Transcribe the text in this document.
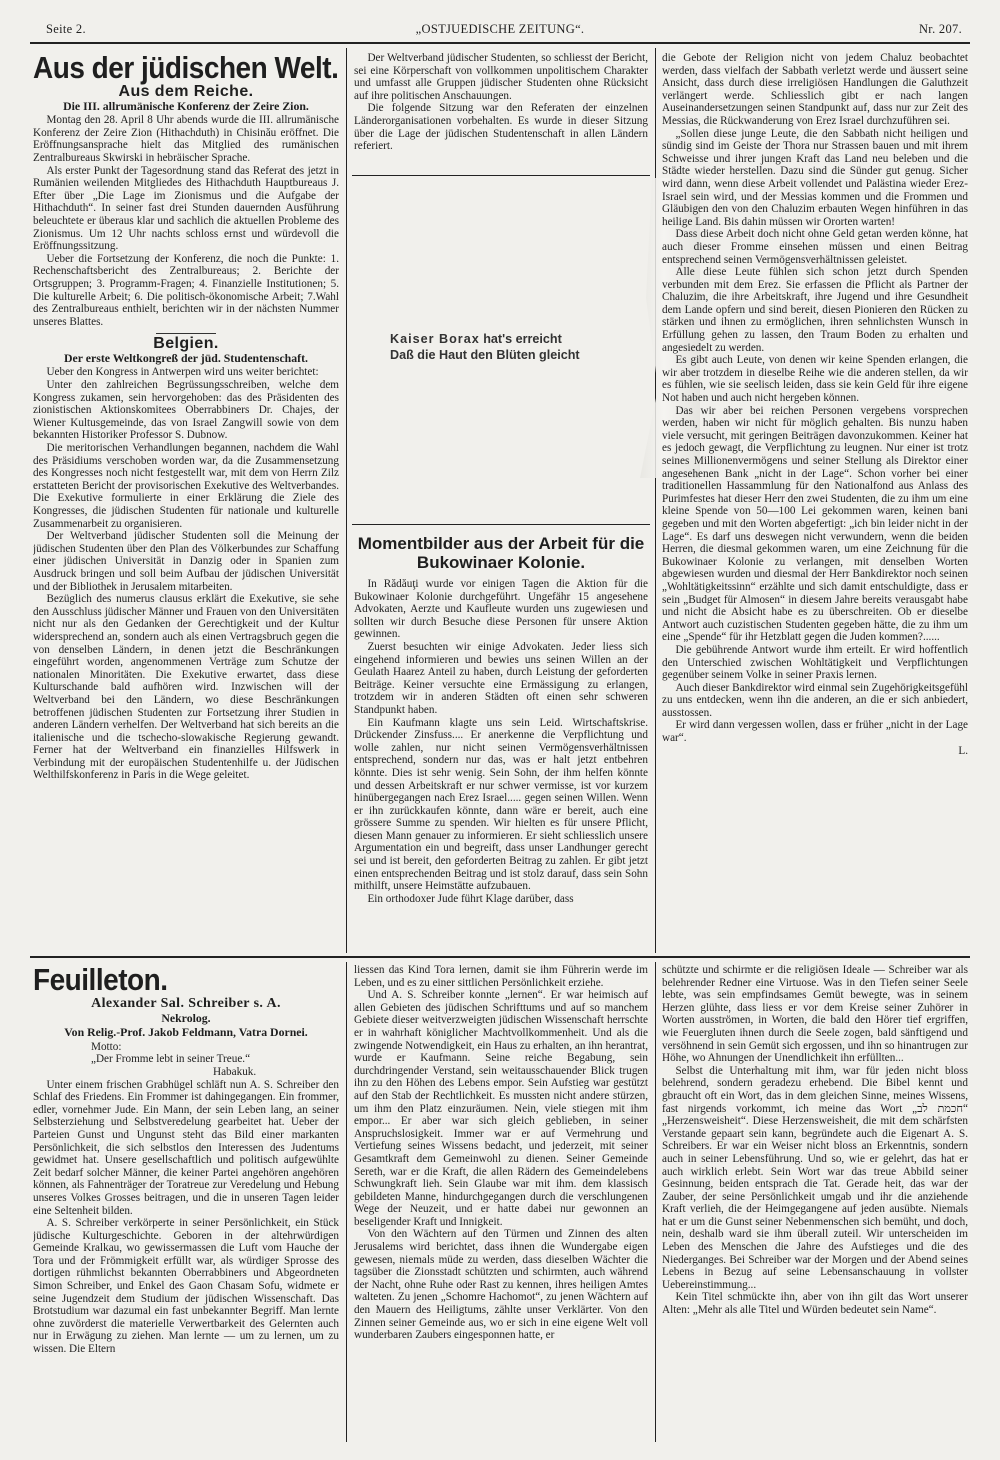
Seite 2.	„OSTJUEDISCHE ZEITUNG“.	Nr. 207.
Aus der jüdischen Welt.
Aus dem Reiche.
Die III. allrumänische Konferenz der Zeire Zion.

Montag den 28. April 8 Uhr abends wurde die III. allrumänische Konferenz der Zeire Zion (Hithachduth) in Chisinău eröffnet. Die Eröffnungsansprache hielt das Mitglied des rumänischen Zentralbureaus Skwirski in hebräischer Sprache.

Als erster Punkt der Tagesordnung stand das Referat des jetzt in Rumänien weilenden Mitgliedes des Hithachduth Hauptbureaus J. Efter über „Die Lage im Zionismus und die Aufgabe der Hithachduth“. In seiner fast drei Stunden dauernden Ausführung beleuchtete er überaus klar und sachlich die aktuellen Probleme des Zionismus. Um 12 Uhr nachts schloss ernst und würdevoll die Eröffnungssitzung.

Ueber die Fortsetzung der Konferenz, die noch die Punkte: 1. Rechenschaftsbericht des Zentralbureaus; 2. Berichte der Ortsgruppen; 3. Programm-Fragen; 4. Finanzielle Institutionen; 5. Die kulturelle Arbeit; 6. Die politisch-ökonomische Arbeit; 7.Wahl des Zentralbureaus enthielt, berichten wir in der nächsten Nummer unseres Blattes.

Belgien.
Der erste Weltkongreß der jüd. Studentenschaft.

Ueber den Kongress in Antwerpen wird uns weiter berichtet:

Unter den zahlreichen Begrüssungsschreiben, welche dem Kongress zukamen, sein hervorgehoben: das des Präsidenten des zionistischen Aktionskomitees Oberrabbiners Dr. Chajes, der Wiener Kultusgemeinde, das von Israel Zangwill sowie von dem bekannten Historiker Professor S. Dubnow.

Die meritorischen Verhandlungen begannen, nachdem die Wahl des Präsidiums verschoben worden war, da die Zusammensetzung des Kongresses noch nicht festgestellt war, mit dem von Herrn Zilz erstatteten Bericht der provisorischen Exekutive des Weltverbandes. Die Exekutive formulierte in einer Erklärung die Ziele des Kongresses, die jüdischen Studenten für nationale und kulturelle Zusammenarbeit zu organisieren.

Der Weltverband jüdischer Studenten soll die Meinung der jüdischen Studenten über den Plan des Völkerbundes zur Schaffung einer jüdischen Universität in Danzig oder in Spanien zum Ausdruck bringen und soll beim Aufbau der jüdischen Universität und der Bibliothek in Jerusalem mitarbeiten.

Bezüglich des numerus clausus erklärt die Exekutive, sie sehe den Ausschluss jüdischer Männer und Frauen von den Universitäten nicht nur als den Gedanken der Gerechtigkeit und der Kultur widersprechend an, sondern auch als einen Vertragsbruch gegen die von denselben Ländern, in denen jetzt die Beschränkungen eingeführt worden, angenommenen Verträge zum Schutze der nationalen Minoritäten. Die Exekutive erwartet, dass diese Kulturschande bald aufhören wird. Inzwischen will der Weltverband bei den Ländern, wo diese Beschränkungen betroffenen jüdischen Studenten zur Fortsetzung ihrer Studien in anderen Ländern verhelfen. Der Weltverband hat sich bereits an die italienische und die tschecho-slowakische Regierung gewandt. Ferner hat der Weltverband ein finanzielles Hilfswerk in Verbindung mit der europäischen Studentenhilfe u. der Jüdischen Welthilfskonferenz in Paris in die Wege geleitet.

Der Weltverband jüdischer Studenten, so schliesst der Bericht, sei eine Körperschaft von vollkommen unpolitischem Charakter und umfasst alle Gruppen jüdischer Studenten ohne Rücksicht auf ihre politischen Anschauungen.

Die folgende Sitzung war den Referaten der einzelnen Länderorganisationen vorbehalten. Es wurde in dieser Sitzung über die Lage der jüdischen Studentenschaft in allen Ländern referiert.

Kaiser Borax hat's erreicht
Daß die Haut den Blüten gleicht
Momentbilder aus der Arbeit für die Bukowinaer Kolonie.

In Rădăuţi wurde vor einigen Tagen die Aktion für die Bukowinaer Kolonie durchgeführt. Ungefähr 15 angesehene Advokaten, Aerzte und Kaufleute wurden uns zugewiesen und sollten wir durch Besuche diese Personen für unsere Aktion gewinnen.

Zuerst besuchten wir einige Advokaten. Jeder liess sich eingehend informieren und bewies uns seinen Willen an der Geulath Haarez Anteil zu haben, durch Leistung der geforderten Beiträge. Keiner versuchte eine Ermässigung zu erlangen, trotzdem wir in anderen Städten oft einen sehr schweren Standpunkt haben.

Ein Kaufmann klagte uns sein Leid. Wirtschaftskrise. Drückender Zinsfuss.... Er anerkenne die Verpflichtung und wolle zahlen, nur nicht seinen Vermögensverhältnissen entsprechend, sondern nur das, was er halt jetzt entbehren könnte. Dies ist sehr wenig. Sein Sohn, der ihm helfen könnte und dessen Arbeitskraft er nur schwer vermisse, ist vor kurzem hinübergegangen nach Erez Israel..... gegen seinen Willen. Wenn er ihn zurückkaufen könnte, dann wäre er bereit, auch eine grössere Summe zu spenden. Wir hielten es für unsere Pflicht, diesen Mann genauer zu informieren. Er sieht schliesslich unsere Argumentation ein und begreift, dass unser Landhunger gerecht sei und ist bereit, den geforderten Beitrag zu zahlen. Er gibt jetzt einen entsprechenden Beitrag und ist stolz darauf, dass sein Sohn mithilft, unsere Heimstätte aufzubauen.

Ein orthodoxer Jude führt Klage darüber, dass

die Gebote der Religion nicht von jedem Chaluz beobachtet werden, dass vielfach der Sabbath verletzt werde und äussert seine Ansicht, dass durch diese irreligiösen Handlungen die Galuthzeit verlängert werde. Schliesslich gibt er nach langen Auseinandersetzungen seinen Standpunkt auf, dass nur zur Zeit des Messias, die Rückwanderung von Erez Israel durchzuführen sei.

„Sollen diese junge Leute, die den Sabbath nicht heiligen und sündig sind im Geiste der Thora nur Strassen bauen und mit ihrem Schweisse und ihrer jungen Kraft das Land neu beleben und die Städte wieder herstellen. Dazu sind die Sünder gut genug. Sicher wird dann, wenn diese Arbeit vollendet und Palästina wieder Erez-Israel sein wird, und der Messias kommen und die Frommen und Gläubigen den von den Chaluzim erbauten Wegen hinführen in das heilige Land. Bis dahin müssen wir Ororten warten!

Dass diese Arbeit doch nicht ohne Geld getan werden könne, hat auch dieser Fromme einsehen müssen und einen Beitrag entsprechend seinen Vermögensverhältnissen geleistet.

Alle diese Leute fühlen sich schon jetzt durch Spenden verbunden mit dem Erez. Sie erfassen die Pflicht als Partner der Chaluzim, die ihre Arbeitskraft, ihre Jugend und ihre Gesundheit dem Lande opfern und sind bereit, diesen Pionieren den Rücken zu stärken und ihnen zu ermöglichen, ihren sehnlichsten Wunsch in Erfüllung gehen zu lassen, den Traum Boden zu erhalten und angesiedelt zu werden.

Es gibt auch Leute, von denen wir keine Spenden erlangen, die wir aber trotzdem in dieselbe Reihe wie die anderen stellen, da wir es fühlen, wie sie seelisch leiden, dass sie kein Geld für ihre eigene Not haben und auch nicht hergeben können.

Das wir aber bei reichen Personen vergebens vorsprechen werden, haben wir nicht für möglich gehalten. Bis nunzu haben viele versucht, mit geringen Beiträgen davonzukommen. Keiner hat es jedoch gewagt, die Verpflichtung zu leugnen. Nur einer ist trotz seines Millionenvermögens und seiner Stellung als Direktor einer angesehenen Bank „nicht in der Lage“. Schon vorher bei einer traditionellen Hassammlung für den Nationalfond aus Anlass des Purimfestes hat dieser Herr den zwei Studenten, die zu ihm um eine kleine Spende von 50—100 Lei gekommen waren, keinen bani gegeben und mit den Worten abgefertigt: „ich bin leider nicht in der Lage“. Es darf uns deswegen nicht verwundern, wenn die beiden Herren, die diesmal gekommen waren, um eine Zeichnung für die Bukowinaer Kolonie zu verlangen, mit denselben Worten abgewiesen wurden und diesmal der Herr Bankdirektor noch seinen „Wohltätigkeitssinn“ erzählte und sich damit entschuldigte, dass er sein „Budget für Almosen“ in diesem Jahre bereits verausgabt habe und nicht die Absicht habe es zu überschreiten. Ob er dieselbe Antwort auch cuzistischen Studenten gegeben hätte, die zu ihm um eine „Spende“ für ihr Hetzblatt gegen die Juden kommen?......

Die gebührende Antwort wurde ihm erteilt. Er wird hoffentlich den Unterschied zwischen Wohltätigkeit und Verpflichtungen gegenüber seinem Volke in seiner Praxis lernen.

Auch dieser Bankdirektor wird einmal sein Zugehörigkeitsgefühl zu uns entdecken, wenn ihn die anderen, an die er sich anbiedert, ausstossen.

Er wird dann vergessen wollen, dass er früher „nicht in der Lage war“.

L.
Feuilleton.
Alexander Sal. Schreiber s. A.
Nekrolog.
Von Relig.-Prof. Jakob Feldmann, Vatra Dornei.
Motto:
„Der Fromme lebt in seiner Treue.“
Habakuk.

Unter einem frischen Grabhügel schläft nun A. S. Schreiber den Schlaf des Friedens. Ein Frommer ist dahingegangen. Ein frommer, edler, vornehmer Jude. Ein Mann, der sein Leben lang, an seiner Selbsterziehung und Selbstveredelung gearbeitet hat. Ueber der Parteien Gunst und Ungunst steht das Bild einer markanten Persönlichkeit, die sich selbstlos den Interessen des Judentums gewidmet hat. Unsere gesellschaftlich und politisch aufgewühlte Zeit bedarf solcher Männer, die keiner Partei angehören angehören können, als Fahnenträger der Toratreue zur Veredelung und Hebung unseres Volkes Grosses beitragen, und die in unseren Tagen leider eine Seltenheit bilden.

A. S. Schreiber verkörperte in seiner Persönlichkeit, ein Stück jüdische Kulturgeschichte. Geboren in der altehrwürdigen Gemeinde Kralkau, wo gewissermassen die Luft vom Hauche der Tora und der Frömmigkeit erfüllt war, als würdiger Sprosse des dortigen rühmlichst bekannten Oberrabbiners und Abgeordneten Simon Schreiber, und Enkel des Gaon Chasam Sofu, widmete er seine Jugendzeit dem Studium der jüdischen Wissenschaft. Das Brotstudium war dazumal ein fast unbekannter Begriff. Man lernte ohne zuvörderst die materielle Verwertbarkeit des Gelernten auch nur in Erwägung zu ziehen. Man lernte — um zu lernen, um zu wissen. Die Eltern

liessen das Kind Tora lernen, damit sie ihm Führerin werde im Leben, und es zu einer sittlichen Persönlichkeit erziehe.

Und A. S. Schreiber konnte „lernen“. Er war heimisch auf allen Gebieten des jüdischen Schrifttums und auf so manchem Gebiete dieser weitverzweigten jüdischen Wissenschaft herrschte er in wahrhaft königlicher Machtvollkommenheit. Und als die zwingende Notwendigkeit, ein Haus zu erhalten, an ihn herantrat, wurde er Kaufmann. Seine reiche Begabung, sein durchdringender Verstand, sein weitausschauender Blick trugen ihn zu den Höhen des Lebens empor. Sein Aufstieg war gestützt auf den Stab der Rechtlichkeit. Es mussten nicht andere stürzen, um ihm den Platz einzuräumen. Nein, viele stiegen mit ihm empor... Er aber war sich gleich geblieben, in seiner Anspruchslosigkeit. Immer war er auf Vermehrung und Vertiefung seines Wissens bedacht, und jederzeit, mit seiner Gesamtkraft dem Gemeinwohl zu dienen. Seiner Gemeinde Sereth, war er die Kraft, die allen Rädern des Gemeindelebens Schwungkraft lieh. Sein Glaube war mit ihm. dem klassisch gebildeten Manne, hindurchgegangen durch die verschlungenen Wege der Neuzeit, und er hatte dabei nur gewonnen an beseligender Kraft und Innigkeit.

Von den Wächtern auf den Türmen und Zinnen des alten Jerusalems wird berichtet, dass ihnen die Wundergabe eigen gewesen, niemals müde zu werden, dass dieselben Wächter die tagsüber die Zionsstadt schützten und schirmten, auch während der Nacht, ohne Ruhe oder Rast zu kennen, ihres heiligen Amtes walteten. Zu jenen „Schomre Hachomot“, zu jenen Wächtern auf den Mauern des Heiligtums, zählte unser Verklärter. Von den Zinnen seiner Gemeinde aus, wo er sich in eine eigene Welt voll wunderbaren Zaubers eingesponnen hatte, er

schützte und schirmte er die religiösen Ideale — Schreiber war als belehrender Redner eine Virtuose. Was in den Tiefen seiner Seele lebte, was sein empfindsames Gemüt bewegte, was in seinem Herzen glühte, dass liess er vor dem Kreise seiner Zuhörer in Worten ausströmen, in Worten, die bald den Hörer tief ergriffen, wie Feuergluten ihnen durch die Seele zogen, bald sänftigend und versöhnend in sein Gemüt sich ergossen, und ihn so hinantrugen zur Höhe, wo Ahnungen der Unendlichkeit ihn erfüllten...

Selbst die Unterhaltung mit ihm, war für jeden nicht bloss belehrend, sondern geradezu erhebend. Die Bibel kennt und gbraucht oft ein Wort, das in dem gleichen Sinne, meines Wissens, fast nirgends vorkommt, ich meine das Wort „חכמת לב“ „Herzensweisheit“. Diese Herzensweisheit, die mit dem schärfsten Verstande gepaart sein kann, begründete auch die Eigenart A. S. Schreibers. Er war ein Weiser nicht bloss an Erkenntnis, sondern auch in seiner Lebensführung. Und so, wie er gelehrt, das hat er auch wirklich erlebt. Sein Wort war das treue Abbild seiner Gesinnung, beiden entsprach die Tat. Gerade heit, das war der Zauber, der seine Persönlichkeit umgab und ihr die anziehende Kraft verlieh, die der Heimgegangene auf jeden ausübte. Niemals hat er um die Gunst seiner Nebenmenschen sich bemüht, und doch, nein, deshalb ward sie ihm überall zuteil. Wir unterscheiden im Leben des Menschen die Jahre des Aufstieges und die des Niederganges. Bei Schreiber war der Morgen und der Abend seines Lebens in Bezug auf seine Lebensanschauung in vollster Uebereinstimmung...

Kein Titel schmückte ihn, aber von ihn gilt das Wort unserer Alten: „Mehr als alle Titel und Würden bedeutet sein Name“.
